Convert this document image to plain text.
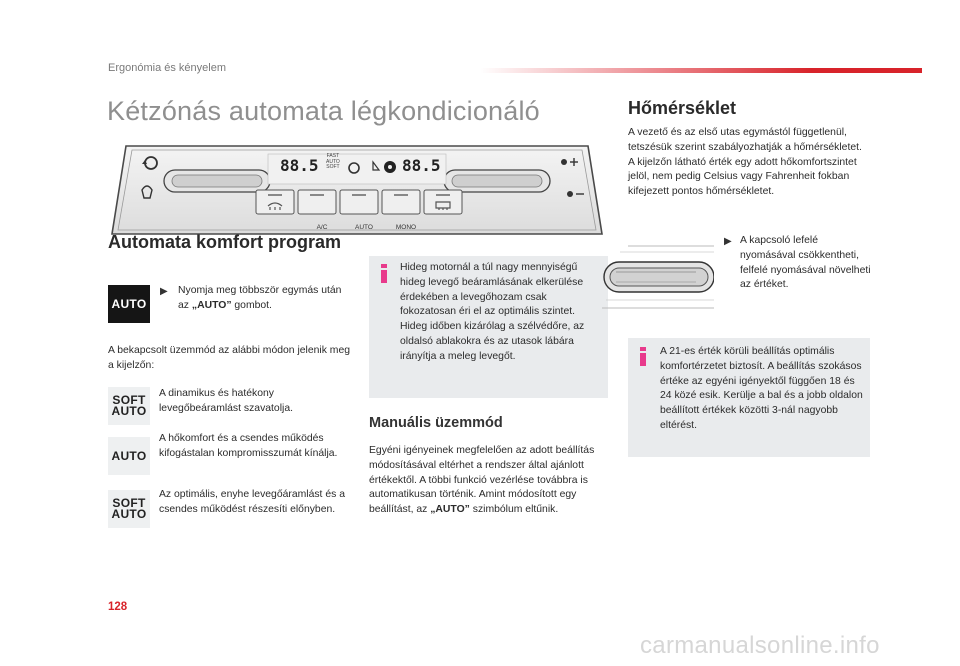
Ergonómia és kényelem
Kétzónás automata légkondicionáló
88.5	88.5
FAST
AUTO
SOFT
A/C	AUTO	MONO
Automata komfort program
AUTO
▶ Nyomja meg többször egymás után az „AUTO” gombot.
A bekapcsolt üzemmód az alábbi módon jelenik meg a kijelzőn:
SOFT
AUTO
A dinamikus és hatékony levegőbeáramlást szavatolja.
AUTO
A hőkomfort és a csendes működés kifogástalan kompromisszumát kínálja.
SOFT
AUTO
Az optimális, enyhe levegőáramlást és a csendes működést részesíti előnyben.
Hideg motornál a túl nagy mennyiségű hideg levegő beáramlásának elkerülése érdekében a levegőhozam csak fokozatosan éri el az optimális szintet. Hideg időben kizárólag a szélvédőre, az oldalsó ablakokra és az utasok lábára irányítja a meleg levegőt.
Manuális üzemmód
Egyéni igényeinek megfelelően az adott beállítás módosításával eltérhet a rendszer által ajánlott értékektől. A többi funkció vezérlése továbbra is automatikusan történik. Amint módosított egy beállítást, az „AUTO” szimbólum eltűnik.
Hőmérséklet
A vezető és az első utas egymástól függetlenül, tetszésük szerint szabályozhatják a hőmérsékletet.
A kijelzőn látható érték egy adott hőkomfortszintet jelöl, nem pedig Celsius vagy Fahrenheit fokban kifejezett pontos hőmérsékletet.
▶ A kapcsoló lefelé nyomásával csökkentheti, felfelé nyomásával növelheti az értéket.
A 21-es érték körüli beállítás optimális komfortérzetet biztosít. A beállítás szokásos értéke az egyéni igényektől függően 18 és 24 közé esik. Kerülje a bal és a jobb oldalon beállított értékek közötti 3-nál nagyobb eltérést.
128
carmanualsonline.info
